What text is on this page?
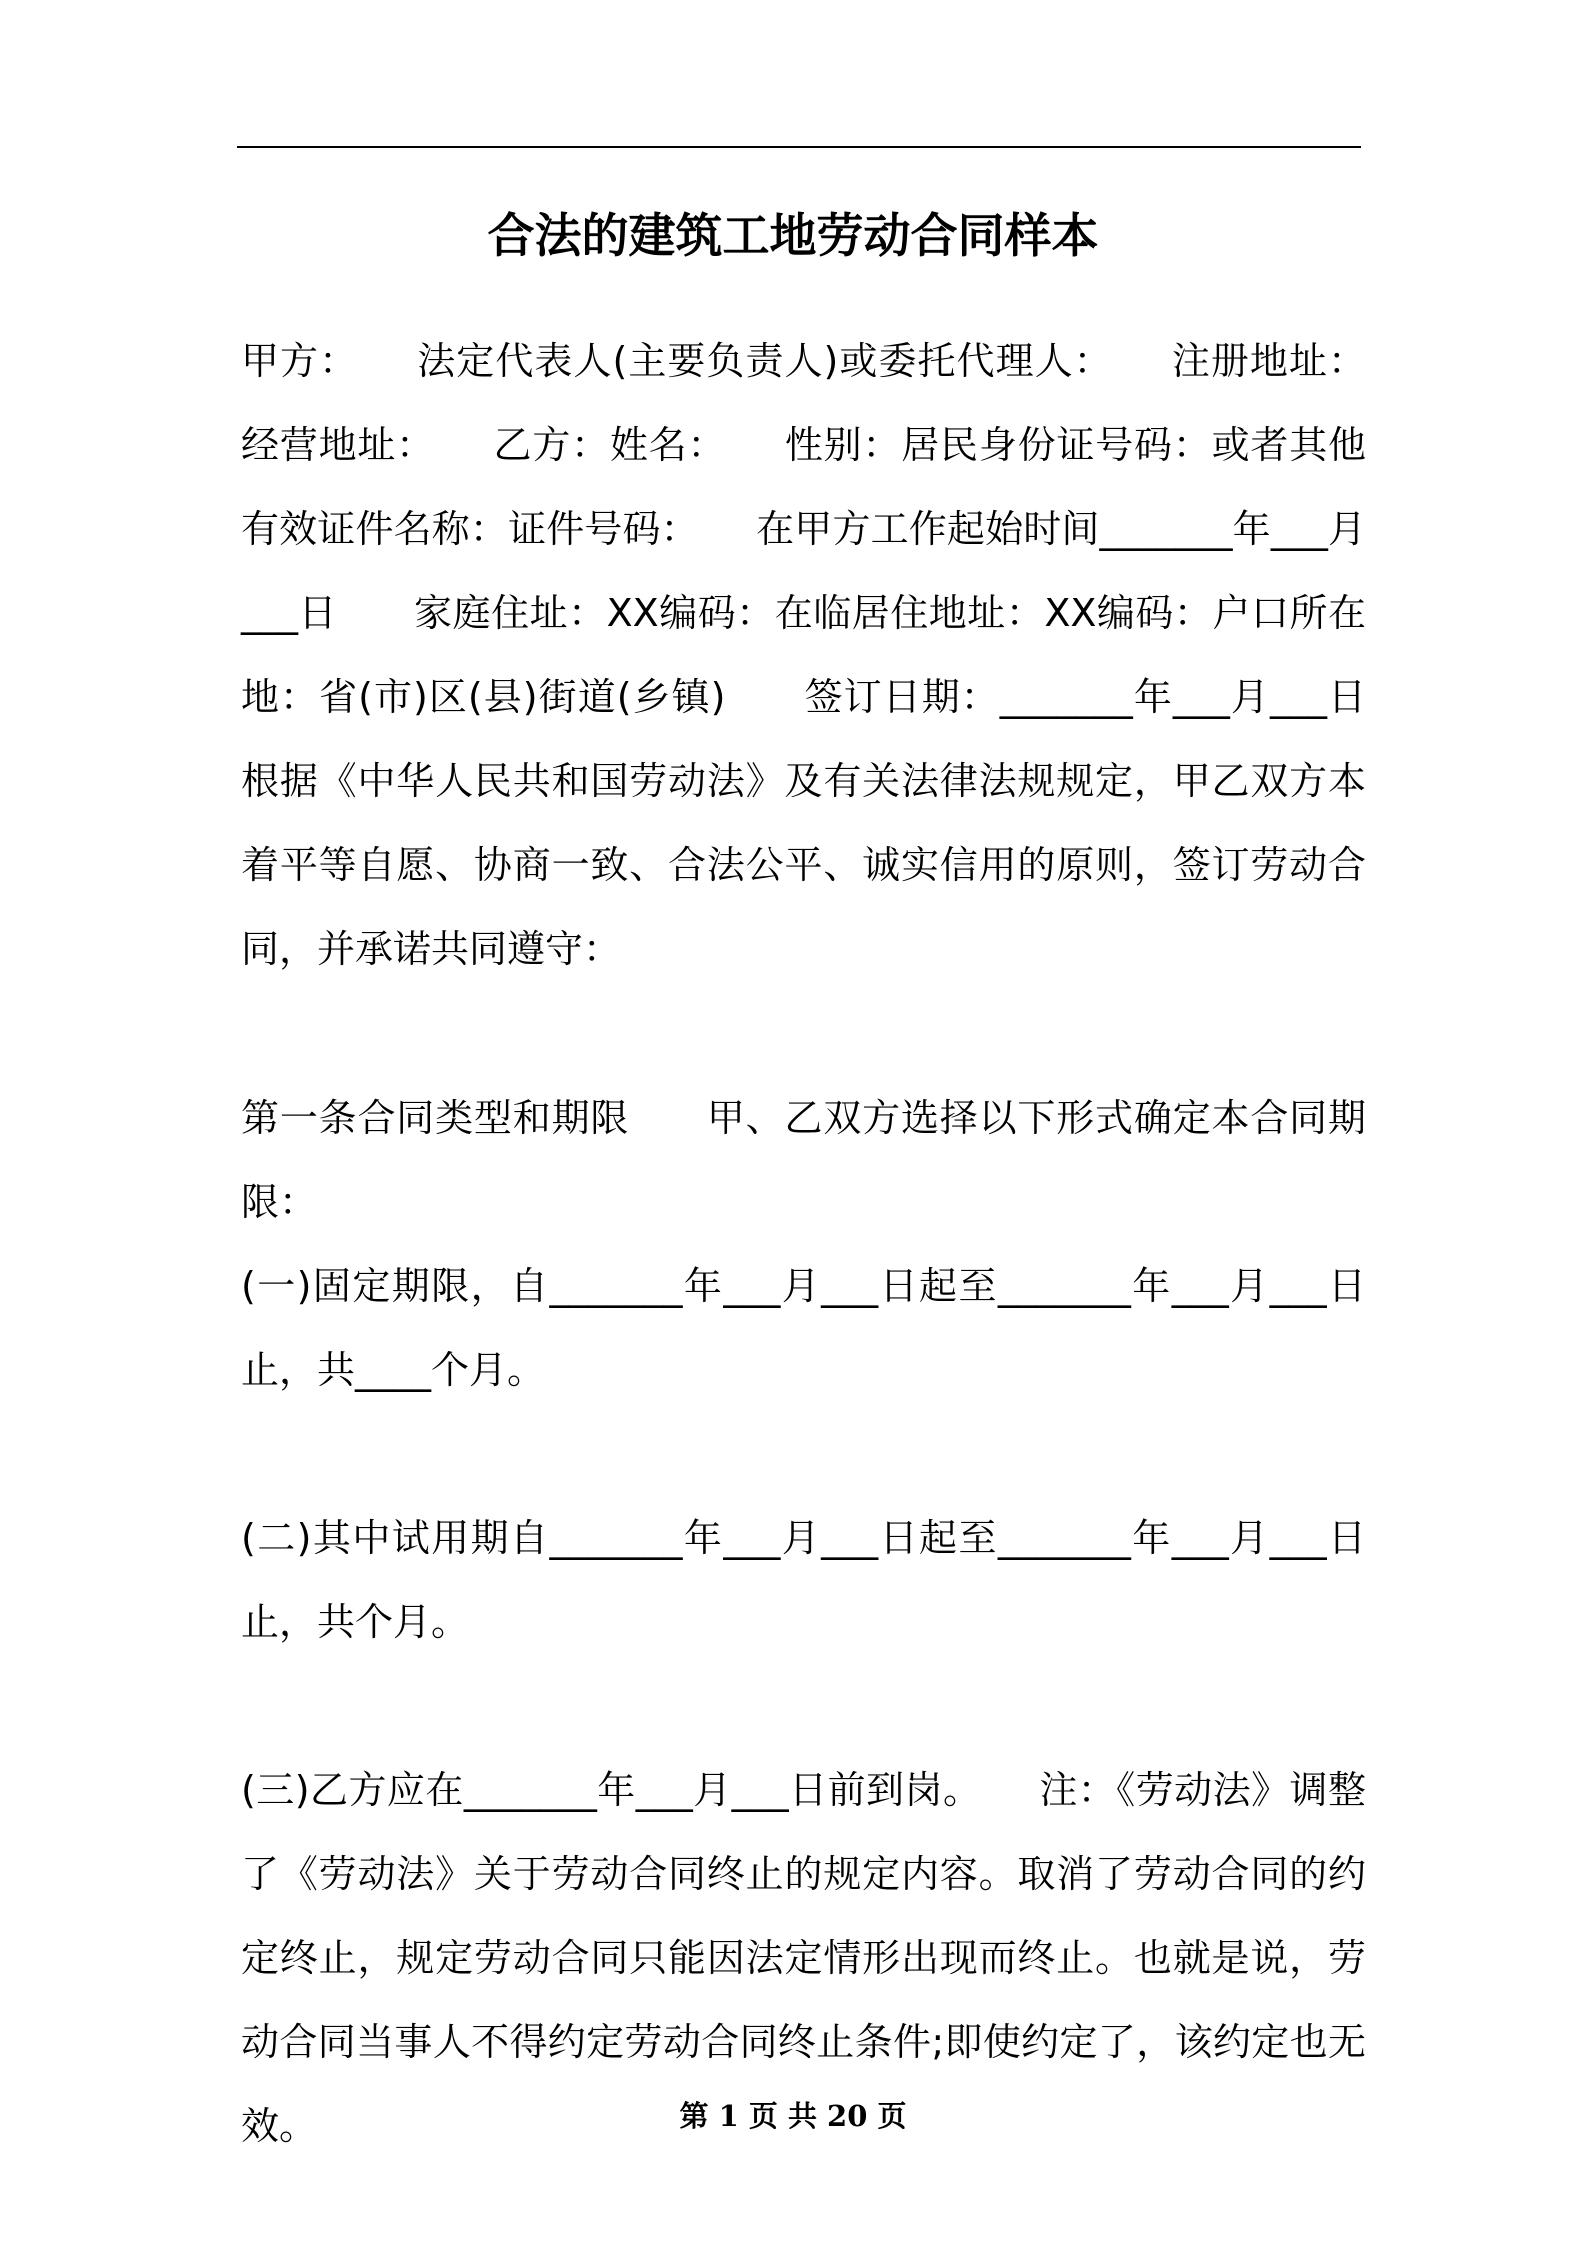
合法的建筑工地劳动合同样本
甲方：　　法定代表人(主要负责人)或委托代理人：　　注册地址：经营地址：　　乙方：姓名：　　性别：居民身份证号码：或者其他有效证件名称：证件号码：　　在甲方工作起始时间_______年___月___日　　家庭住址：XX编码：在临居住地址：XX编码：户口所在地：省(市)区(县)街道(乡镇)　　签订日期：_______年___月___日　　根据《中华人民共和国劳动法》及有关法律法规规定，甲乙双方本着平等自愿、协商一致、合法公平、诚实信用的原则，签订劳动合同，并承诺共同遵守：
第一条合同类型和期限　　甲、乙双方选择以下形式确定本合同期限：
(一)固定期限，自_______年___月___日起至_______年___月___日止，共____个月。
(二)其中试用期自_______年___月___日起至_______年___月___日止，共个月。
(三)乙方应在_______年___月___日前到岗。　　注：《劳动法》调整了《劳动法》关于劳动合同终止的规定内容。取消了劳动合同的约定终止，规定劳动合同只能因法定情形出现而终止。也就是说，劳动合同当事人不得约定劳动合同终止条件;即使约定了，该约定也无效。	第 1 页 共 20 页
